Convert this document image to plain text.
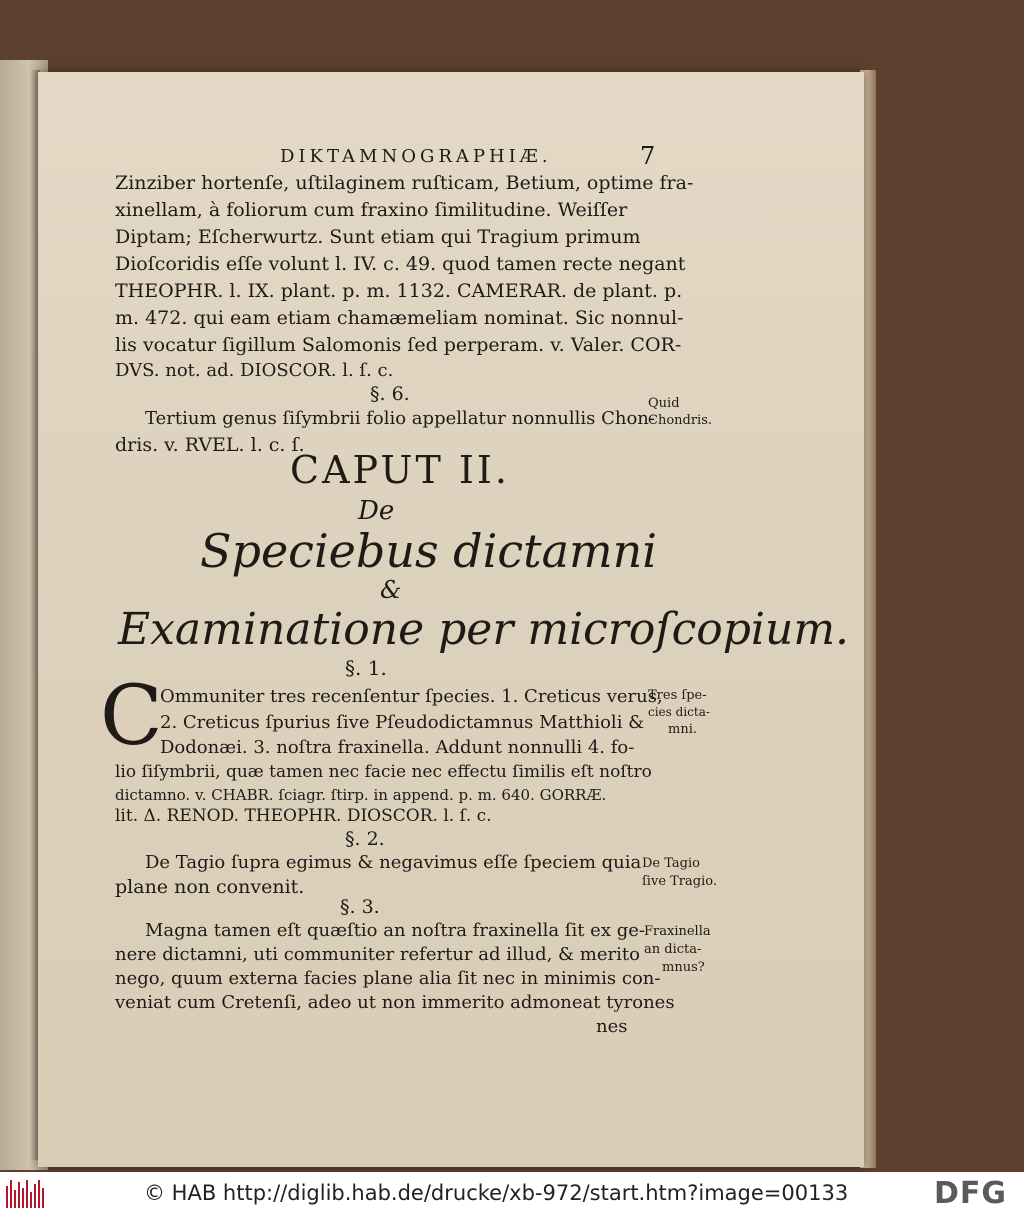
DIKTAMNOGRAPHIÆ.	7
Zinziber hortenſe, uſtilaginem ruſticam, Betium, optime fra-
xinellam, à foliorum cum fraxino ſimilitudine. Weiſſer
Diptam; Eſcherwurtz. Sunt etiam qui Tragium primum
Dioſcoridis eſſe volunt l. IV. c. 49. quod tamen recte negant
THEOPHR. l. IX. plant. p. m. 1132. CAMERAR. de plant. p.
m. 472. qui eam etiam chamæmeliam nominat. Sic nonnul-
lis vocatur ſigillum Salomonis ſed perperam. v. Valer. COR-
DVS. not. ad. DIOSCOR. l. ſ. c.
§. 6.
Tertium genus ſiſymbrii folio appellatur nonnullis Chon-
dris. v. RVEL. l. c. ſ.
Quid
Chondris.
CAPUT II.
De
Speciebus dictamni
&
Examinatione per microſcopium.
§. 1.
C
Ommuniter tres recenſentur ſpecies. 1. Creticus verus,
2. Creticus ſpurius ſive Pſeudodictamnus Matthioli &
Dodonæi. 3. noſtra fraxinella. Addunt nonnulli 4. fo-
lio ſiſymbrii, quæ tamen nec facie nec effectu ſimilis eſt noſtro
dictamno. v. CHABR. ſciagr. ſtirp. in append. p. m. 640. GORRÆ.
lit. Δ. RENOD. THEOPHR. DIOSCOR. l. ſ. c.
Tres ſpe-
cies dicta-
mni.
§. 2.
De Tagio ſupra egimus & negavimus eſſe ſpeciem quia
plane non convenit.
De Tagio
ſive Tragio.
§. 3.
Magna tamen eſt quæſtio an noſtra fraxinella ſit ex ge-
nere dictamni, uti communiter refertur ad illud, & merito
nego, quum externa facies plane alia ſit nec in minimis con-
veniat cum Cretenſi, adeo ut non immerito admoneat tyrones
nes
Fraxinella
an dicta-
mnus?
© HAB http://diglib.hab.de/drucke/xb-972/start.htm?image=00133	DFG
